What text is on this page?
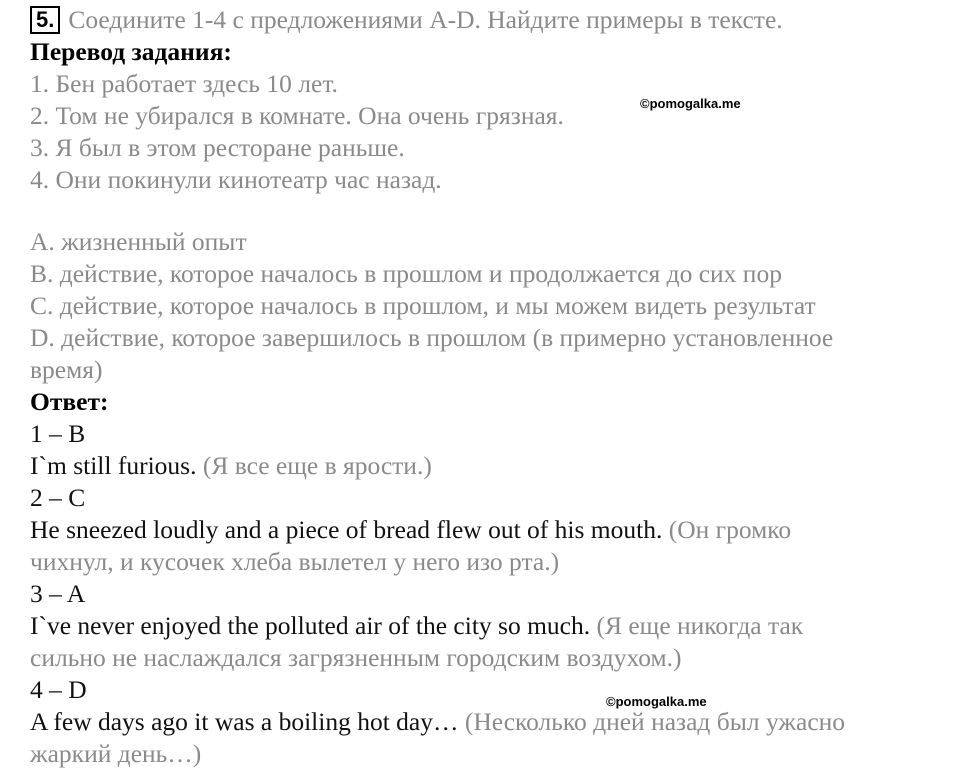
5. Соедините 1-4 с предложениями A-D. Найдите примеры в тексте.
Перевод задания:
1. Бен работает здесь 10 лет.
2. Том не убирался в комнате. Она очень грязная.
3. Я был в этом ресторане раньше.
4. Они покинули кинотеатр час назад.
A. жизненный опыт
B. действие, которое началось в прошлом и продолжается до сих пор
C. действие, которое началось в прошлом, и мы можем видеть результат
D. действие, которое завершилось в прошлом (в примерно установленное
время)
Ответ:
1 – B
I`m still furious. (Я все еще в ярости.)
2 – C
He sneezed loudly and a piece of bread flew out of his mouth. (Он громко
чихнул, и кусочек хлеба вылетел у него изо рта.)
3 – A
I`ve never enjoyed the polluted air of the city so much. (Я еще никогда так
сильно не наслаждался загрязненным городским воздухом.)
4 – D
A few days ago it was a boiling hot day… (Несколько дней назад был ужасно
жаркий день…)
©pomogalka.me
©pomogalka.me
